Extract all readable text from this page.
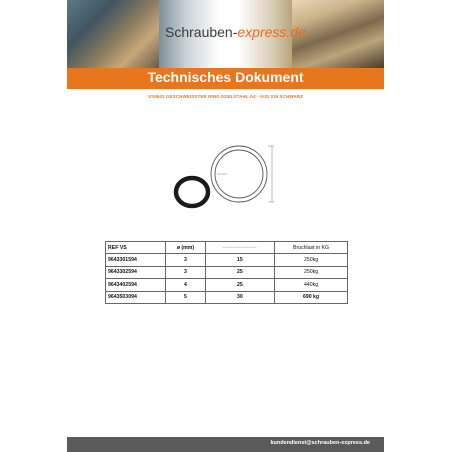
Schrauben-express.de
Technisches Dokument
VS9642 GESCHWEISSTER RING EDELSTAHL A4 - AISI 316 SCHWARZ
REF VS	ø (mm)		Bruchlast in KG
9643301594	3	15	250kg
9643302594	3	25	250kg
9643402594	4	25	440kg
9643503094	5	30	690 kg
kundendienst@schrauben-express.de
